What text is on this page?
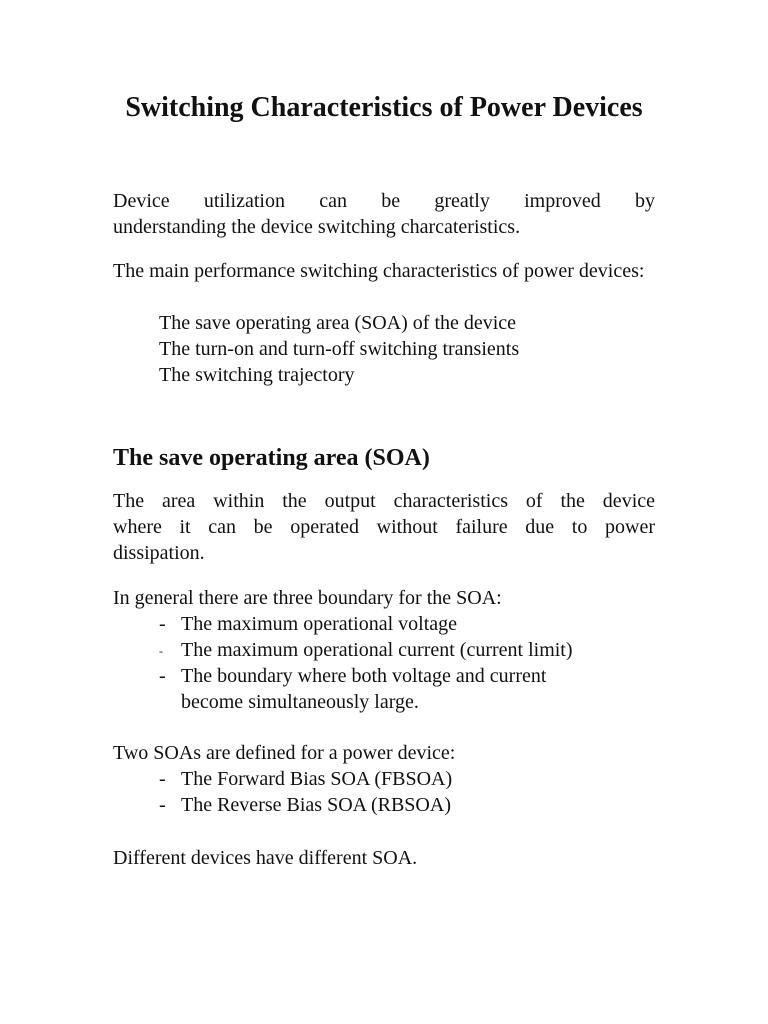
Switching Characteristics of Power Devices
Device utilization can be greatly improved by
understanding the device switching charcateristics.
The main performance switching characteristics of power devices:
The save operating area (SOA) of the device
The turn-on and turn-off switching transients
The switching trajectory
The save operating area (SOA)
The area within the output characteristics of the device
where it can be operated without failure due to power
dissipation.
In general there are three boundary for the SOA:
- The maximum operational voltage
- The maximum operational current (current limit)
- The boundary where both voltage and current become simultaneously large.
Two SOAs are defined for a power device:
- The Forward Bias SOA (FBSOA)
- The Reverse Bias SOA (RBSOA)
Different devices have different SOA.
